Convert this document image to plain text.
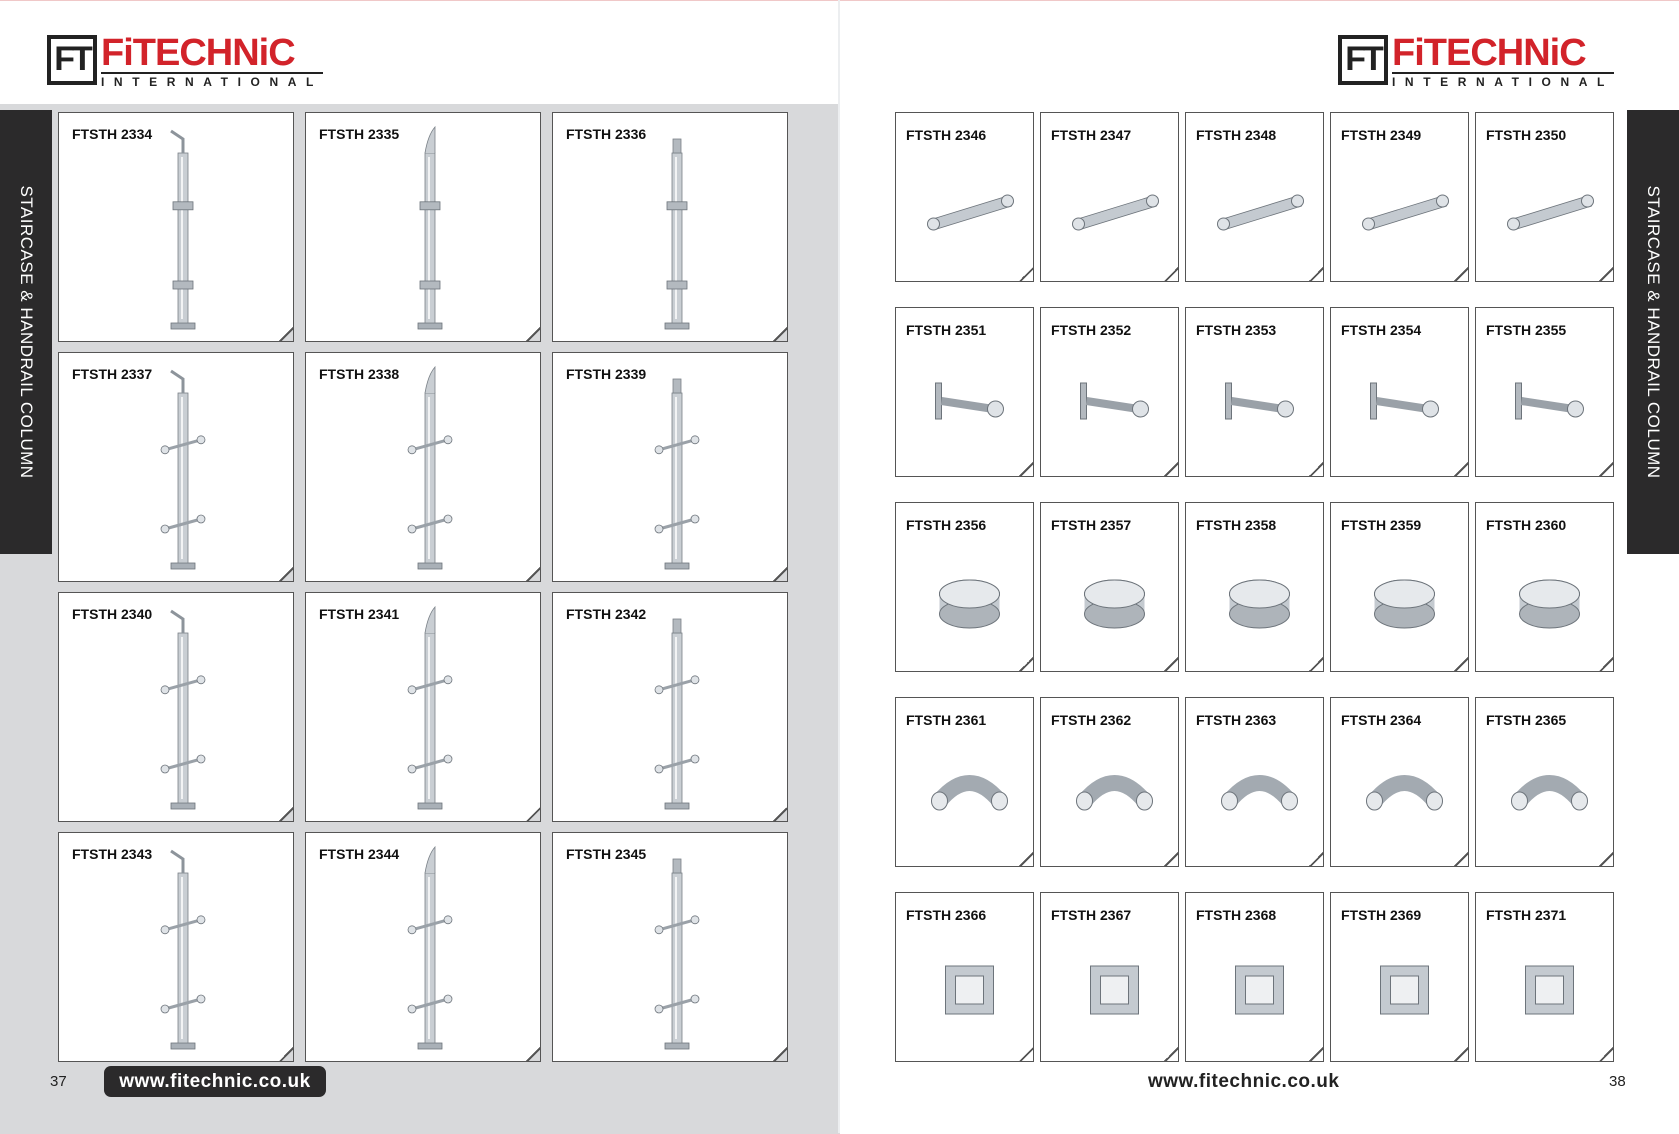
FT FiTECHNiC
INTERNATIONAL
STAIRCASE & HANDRAIL COLUMN
FTSTH 2334	FTSTH 2335	FTSTH 2336
FTSTH 2337	FTSTH 2338	FTSTH 2339
FTSTH 2340	FTSTH 2341	FTSTH 2342
FTSTH 2343	FTSTH 2344	FTSTH 2345
37	www.fitechnic.co.uk
FT FiTECHNiC
INTERNATIONAL
STAIRCASE & HANDRAIL COLUMN
FTSTH 2346	FTSTH 2347	FTSTH 2348	FTSTH 2349	FTSTH 2350
FTSTH 2351	FTSTH 2352	FTSTH 2353	FTSTH 2354	FTSTH 2355
FTSTH 2356	FTSTH 2357	FTSTH 2358	FTSTH 2359	FTSTH 2360
FTSTH 2361	FTSTH 2362	FTSTH 2363	FTSTH 2364	FTSTH 2365
FTSTH 2366	FTSTH 2367	FTSTH 2368	FTSTH 2369	FTSTH 2371
www.fitechnic.co.uk	38
